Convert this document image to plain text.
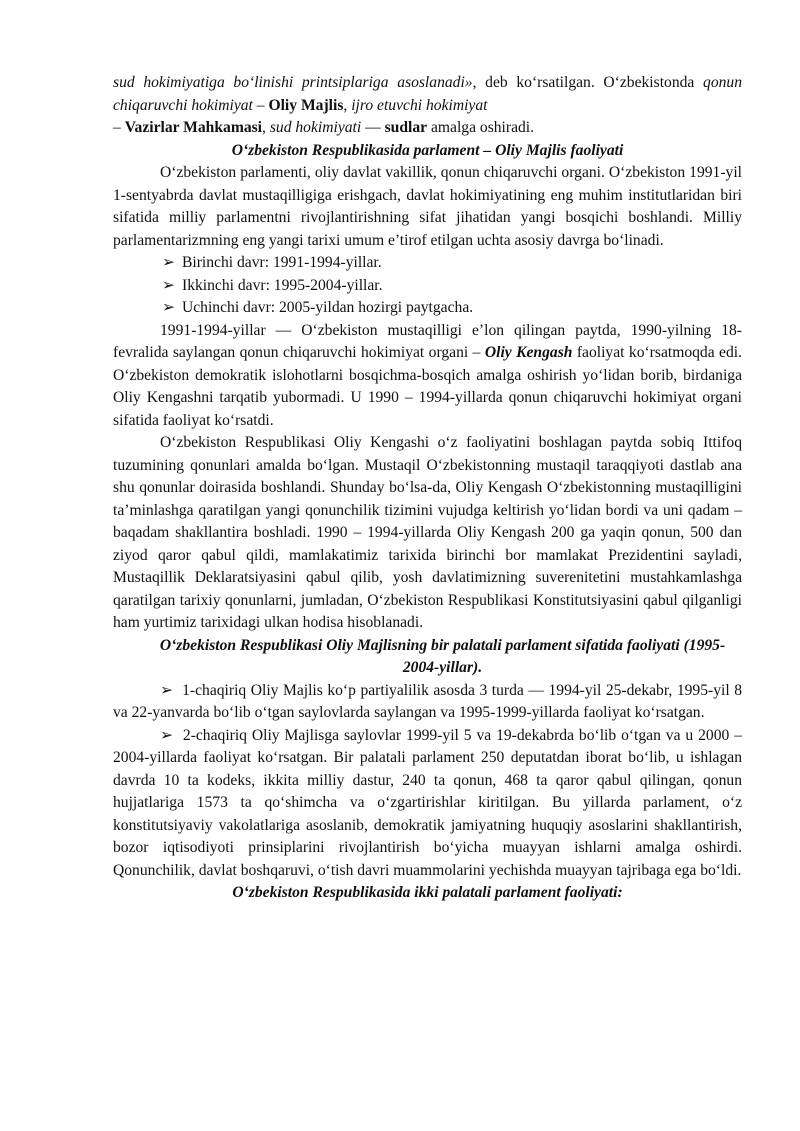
sud hokimiyatiga bo‘linishi printsiplariga asoslanadi», deb ko‘rsatilgan. O‘zbekistonda qonun chiqaruvchi hokimiyat – Oliy Majlis, ijro etuvchi hokimiyat
– Vazirlar Mahkamasi, sud hokimiyati — sudlar amalga oshiradi.

O‘zbekiston Respublikasida parlament – Oliy Majlis faoliyati

O‘zbekiston parlamenti, oliy davlat vakillik, qonun chiqaruvchi organi. O‘zbekiston 1991-yil 1-sentyabrda davlat mustaqilligiga erishgach, davlat hokimiyatining eng muhim institutlaridan biri sifatida milliy parlamentni rivojlantirishning sifat jihatidan yangi bosqichi boshlandi. Milliy parlamentarizmning eng yangi tarixi umum e’tirof etilgan uchta asosiy davrga bo‘linadi.

➢ Birinchi davr: 1991-1994-yillar.
➢ Ikkinchi davr: 1995-2004-yillar.
➢ Uchinchi davr: 2005-yildan hozirgi paytgacha.

1991-1994-yillar — O‘zbekiston mustaqilligi e’lon qilingan paytda, 1990-yilning 18-fevralida saylangan qonun chiqaruvchi hokimiyat organi – Oliy Kengash faoliyat ko‘rsatmoqda edi. O‘zbekiston demokratik islohotlarni bosqichma-bosqich amalga oshirish yo‘lidan borib, birdaniga Oliy Kengashni tarqatib yubormadi. U 1990 – 1994-yillarda qonun chiqaruvchi hokimiyat organi sifatida faoliyat ko‘rsatdi.

O‘zbekiston Respublikasi Oliy Kengashi o‘z faoliyatini boshlagan paytda sobiq Ittifoq tuzumining qonunlari amalda bo‘lgan. Mustaqil O‘zbekistonning mustaqil taraqqiyoti dastlab ana shu qonunlar doirasida boshlandi. Shunday bo‘lsa-da, Oliy Kengash O‘zbekistonning mustaqilligini ta’minlashga qaratilgan yangi qonunchilik tizimini vujudga keltirish yo‘lidan bordi va uni qadam – baqadam shakllantira boshladi. 1990 – 1994-yillarda Oliy Kengash 200 ga yaqin qonun, 500 dan ziyod qaror qabul qildi, mamlakatimiz tarixida birinchi bor mamlakat Prezidentini sayladi, Mustaqillik Deklaratsiyasini qabul qilib, yosh davlatimizning suverenitetini mustahkamlashga qaratilgan tarixiy qonunlarni, jumladan, O‘zbekiston Respublikasi Konstitutsiyasini qabul qilganligi ham yurtimiz tarixidagi ulkan hodisa hisoblanadi.

O‘zbekiston Respublikasi Oliy Majlisning bir palatali parlament sifatida faoliyati (1995-2004-yillar).

➢ 1-chaqiriq Oliy Majlis ko‘p partiyalilik asosda 3 turda — 1994-yil 25-dekabr, 1995-yil 8 va 22-yanvarda bo‘lib o‘tgan saylovlarda saylangan va 1995-1999-yillarda faoliyat ko‘rsatgan.

➢ 2-chaqiriq Oliy Majlisga saylovlar 1999-yil 5 va 19-dekabrda bo‘lib o‘tgan va u 2000 – 2004-yillarda faoliyat ko‘rsatgan. Bir palatali parlament 250 deputatdan iborat bo‘lib, u ishlagan davrda 10 ta kodeks, ikkita milliy dastur, 240 ta qonun, 468 ta qaror qabul qilingan, qonun hujjatlariga 1573 ta qo‘shimcha va o‘zgartirishlar kiritilgan. Bu yillarda parlament, o‘z konstitutsiyaviy vakolatlariga asoslanib, demokratik jamiyatning huquqiy asoslarini shakllantirish, bozor iqtisodiyoti prinsiplarini rivojlantirish bo‘yicha muayyan ishlarni amalga oshirdi. Qonunchilik, davlat boshqaruvi, o‘tish davri muammolarini yechishda muayyan tajribaga ega bo‘ldi.

O‘zbekiston Respublikasida ikki palatali parlament faoliyati:
